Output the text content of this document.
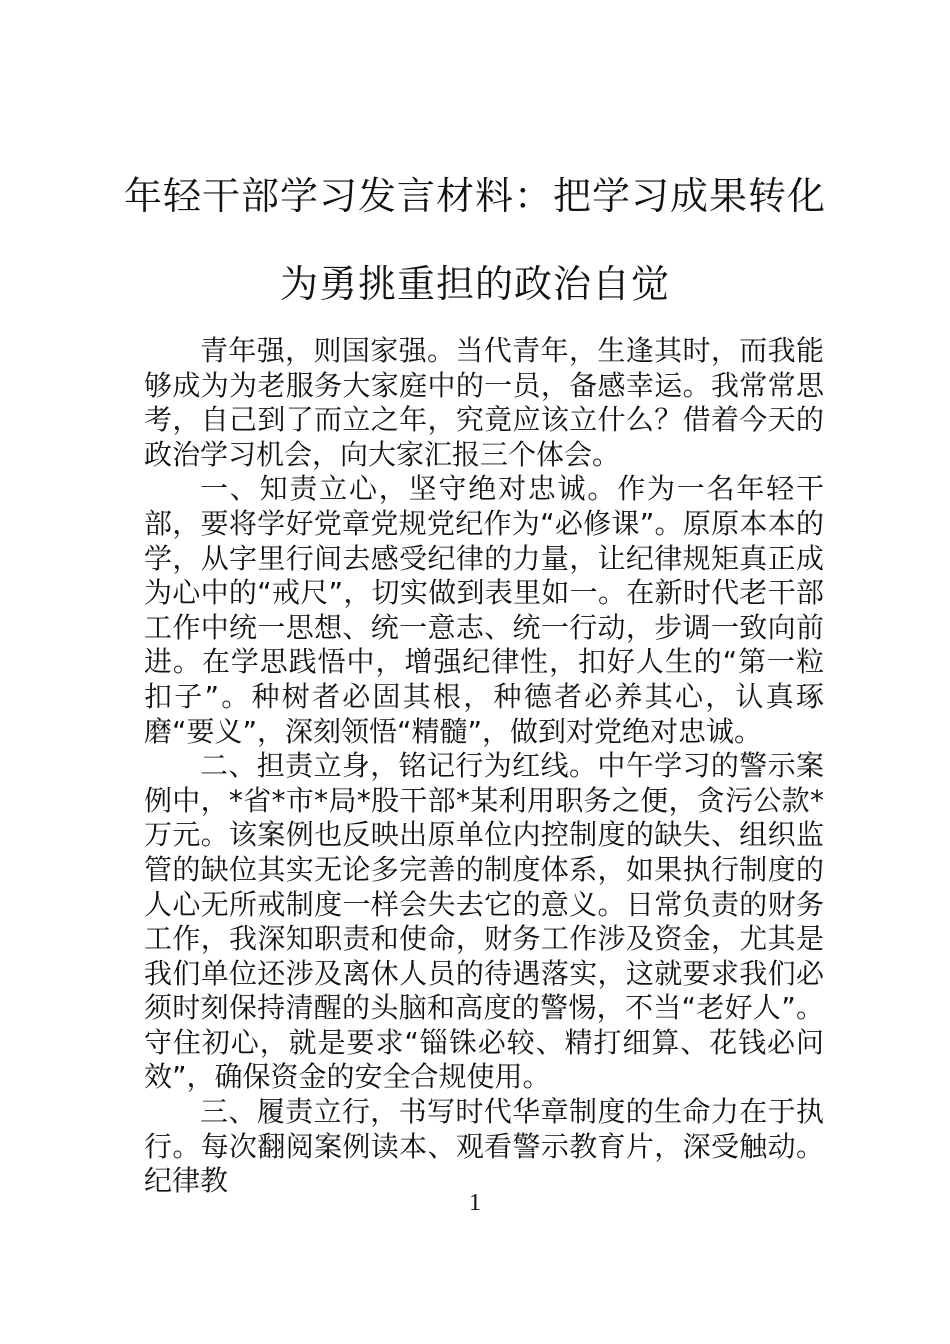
年轻干部学习发言材料：把学习成果转化为勇挑重担的政治自觉

青年强，则国家强。当代青年，生逢其时，而我能够成为为老服务大家庭中的一员，备感幸运。我常常思考，自己到了而立之年，究竟应该立什么？借着今天的政治学习机会，向大家汇报三个体会。

一、知责立心，坚守绝对忠诚。作为一名年轻干部，要将学好党章党规党纪作为“必修课”。原原本本的学，从字里行间去感受纪律的力量，让纪律规矩真正成为心中的“戒尺”，切实做到表里如一。在新时代老干部工作中统一思想、统一意志、统一行动，步调一致向前进。在学思践悟中，增强纪律性，扣好人生的“第一粒扣子”。种树者必固其根，种德者必养其心，认真琢磨“要义”，深刻领悟“精髓”，做到对党绝对忠诚。

二、担责立身，铭记行为红线。中午学习的警示案例中，*省*市*局*股干部*某利用职务之便，贪污公款*万元。该案例也反映出原单位内控制度的缺失、组织监管的缺位其实无论多完善的制度体系，如果执行制度的人心无所戒制度一样会失去它的意义。日常负责的财务工作，我深知职责和使命，财务工作涉及资金，尤其是我们单位还涉及离休人员的待遇落实，这就要求我们必须时刻保持清醒的头脑和高度的警惕，不当“老好人”。守住初心，就是要求“锱铢必较、精打细算、花钱必问效”，确保资金的安全合规使用。

三、履责立行，书写时代华章制度的生命力在于执行。每次翻阅案例读本、观看警示教育片，深受触动。纪律教

1
